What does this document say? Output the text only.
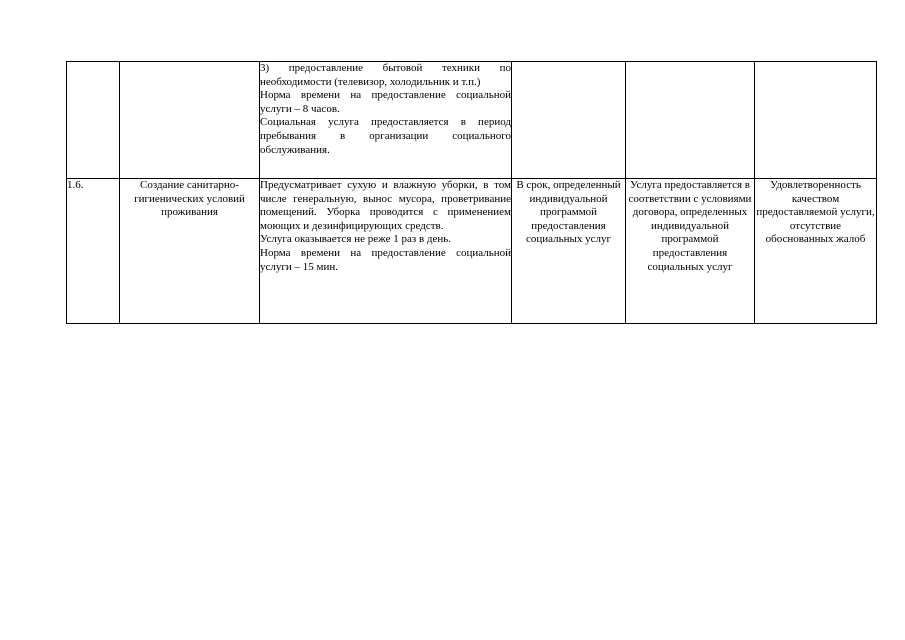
		3) предоставление бытовой техники по необходимости (телевизор, холодильник и т.п.)

Норма времени на предоставление социальной услуги – 8 часов.

Социальная услуга предоставляется в период пребывания в организации социального обслуживания.			

1.6.	Создание санитарно-гигиенических условий проживания	Предусматривает сухую и влажную уборки, в том числе генеральную, вынос мусора, проветривание помещений. Уборка проводится с применением моющих и дезинфицирующих средств.

Услуга оказывается не реже 1 раз в день.

Норма времени на предоставление социальной услуги – 15 мин.	В срок, определенный индивидуальной программой предоставления социальных услуг	Услуга предоставляется в соответствии с условиями договора, определенных индивидуальной программой предоставления социальных услуг	Удовлетворенность качеством предоставляемой услуги, отсутствие обоснованных жалоб
